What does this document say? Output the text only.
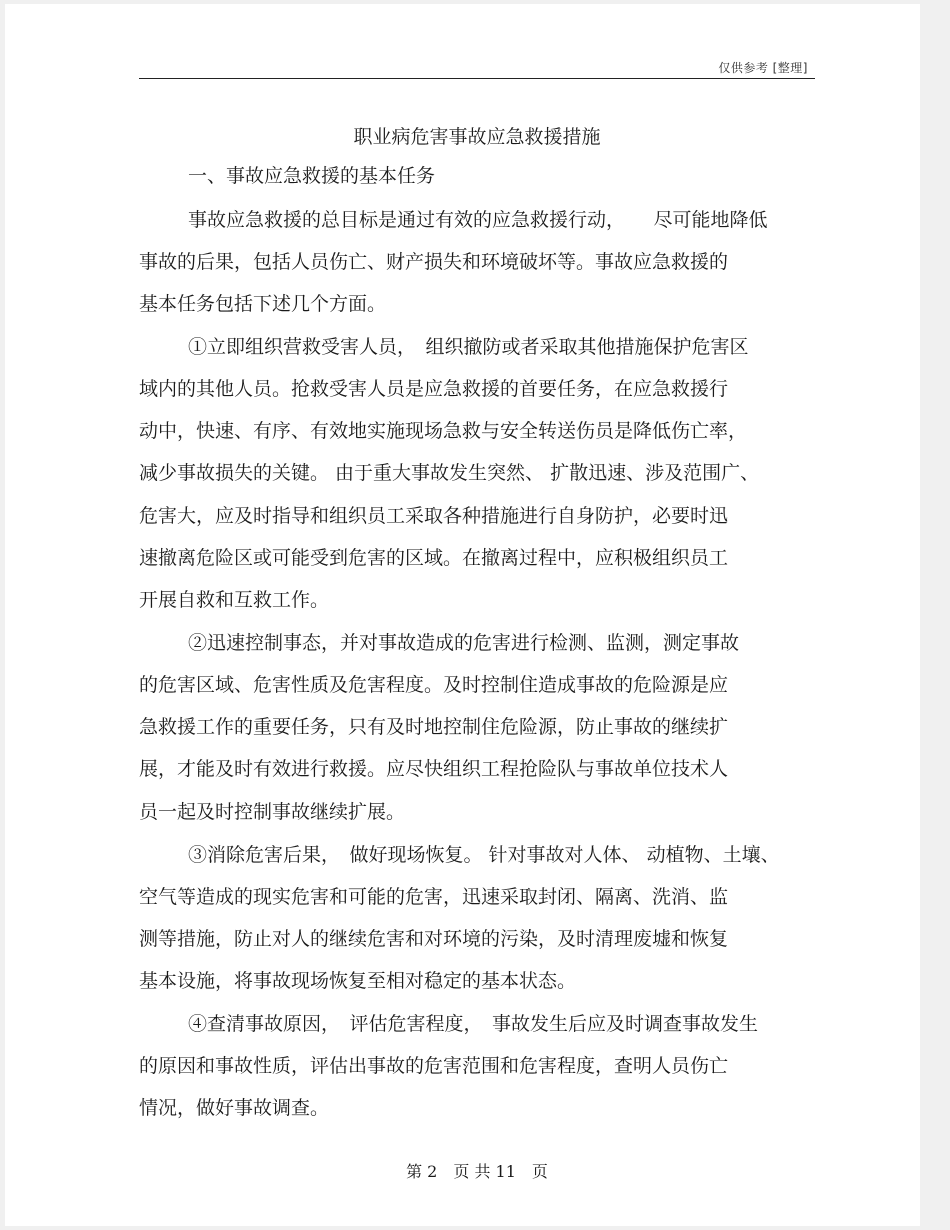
仅供参考 [整理]
职业病危害事故应急救援措施
一、事故应急救援的基本任务
事故应急救援的总目标是通过有效的应急救援行动，　　尽可能地降低
事故的后果，包括人员伤亡、财产损失和环境破坏等。事故应急救援的
基本任务包括下述几个方面。
①立即组织营救受害人员，　组织撤防或者采取其他措施保护危害区
域内的其他人员。抢救受害人员是应急救援的首要任务，在应急救援行
动中，快速、有序、有效地实施现场急救与安全转送伤员是降低伤亡率，
减少事故损失的关键。 由于重大事故发生突然、 扩散迅速、涉及范围广、
危害大，应及时指导和组织员工采取各种措施进行自身防护，必要时迅
速撤离危险区或可能受到危害的区域。在撤离过程中，应积极组织员工
开展自救和互救工作。
②迅速控制事态，并对事故造成的危害进行检测、监测，测定事故
的危害区域、危害性质及危害程度。及时控制住造成事故的危险源是应
急救援工作的重要任务，只有及时地控制住危险源，防止事故的继续扩
展，才能及时有效进行救援。应尽快组织工程抢险队与事故单位技术人
员一起及时控制事故继续扩展。
③消除危害后果，　做好现场恢复。 针对事故对人体、 动植物、土壤、
空气等造成的现实危害和可能的危害，迅速采取封闭、隔离、洗消、监
测等措施，防止对人的继续危害和对环境的污染，及时清理废墟和恢复
基本设施，将事故现场恢复至相对稳定的基本状态。
④查清事故原因，　评估危害程度，　事故发生后应及时调查事故发生
的原因和事故性质，评估出事故的危害范围和危害程度，查明人员伤亡
情况，做好事故调查。
第 2　页 共 11　页
